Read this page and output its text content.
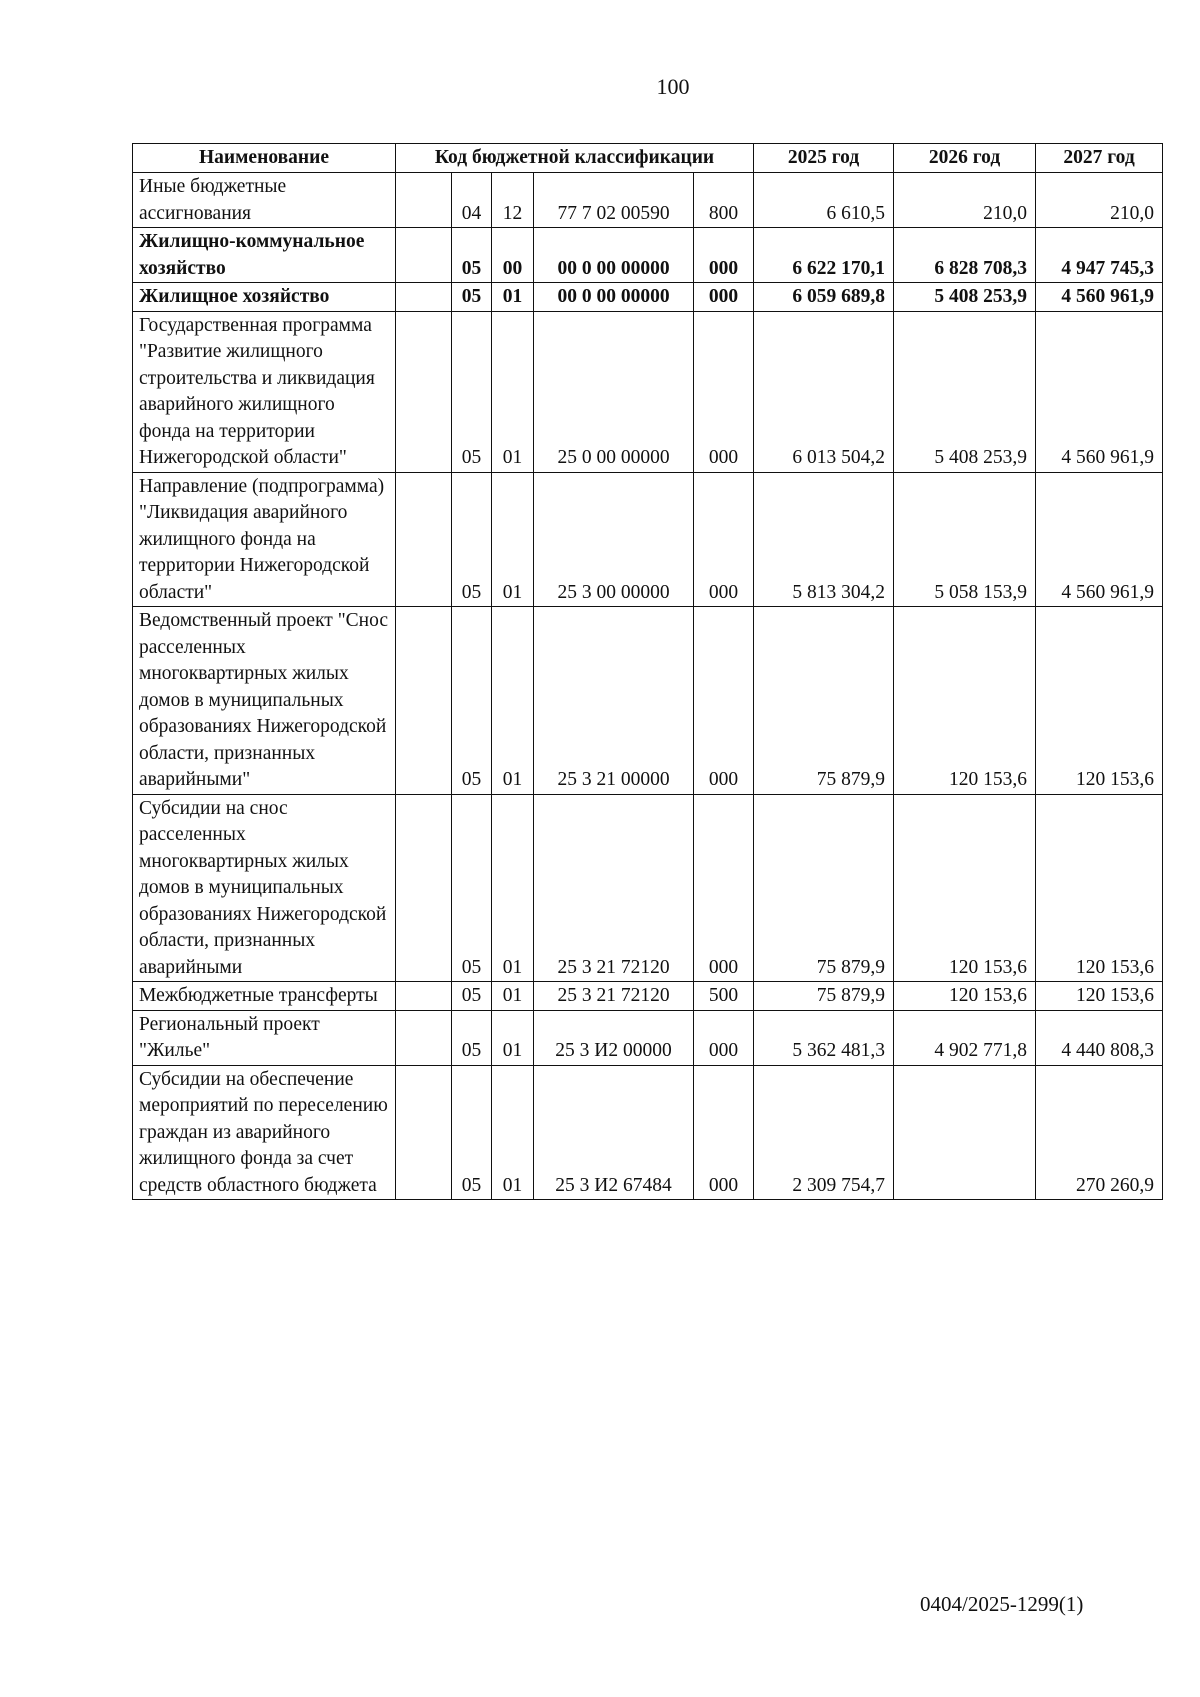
100
Наименование	Код бюджетной классификации					2025 год	2026 год	2027 год
Иные бюджетные ассигнования		04	12	77 7 02 00590	800	6 610,5	210,0	210,0
Жилищно-коммунальное хозяйство		05	00	00 0 00 00000	000	6 622 170,1	6 828 708,3	4 947 745,3
Жилищное хозяйство		05	01	00 0 00 00000	000	6 059 689,8	5 408 253,9	4 560 961,9
Государственная программа "Развитие жилищного строительства и ликвидация аварийного жилищного фонда на территории Нижегородской области"		05	01	25 0 00 00000	000	6 013 504,2	5 408 253,9	4 560 961,9
Направление (подпрограмма) "Ликвидация аварийного жилищного фонда на территории Нижегородской области"		05	01	25 3 00 00000	000	5 813 304,2	5 058 153,9	4 560 961,9
Ведомственный проект "Снос расселенных многоквартирных жилых домов в муниципальных образованиях Нижегородской области, признанных аварийными"		05	01	25 3 21 00000	000	75 879,9	120 153,6	120 153,6
Субсидии на снос расселенных многоквартирных жилых домов в муниципальных образованиях Нижегородской области, признанных аварийными		05	01	25 3 21 72120	000	75 879,9	120 153,6	120 153,6
Межбюджетные трансферты		05	01	25 3 21 72120	500	75 879,9	120 153,6	120 153,6
Региональный проект "Жилье"		05	01	25 3 И2 00000	000	5 362 481,3	4 902 771,8	4 440 808,3
Субсидии на обеспечение мероприятий по переселению граждан из аварийного жилищного фонда за счет средств областного бюджета		05	01	25 3 И2 67484	000	2 309 754,7		270 260,9
0404/2025-1299(1)
